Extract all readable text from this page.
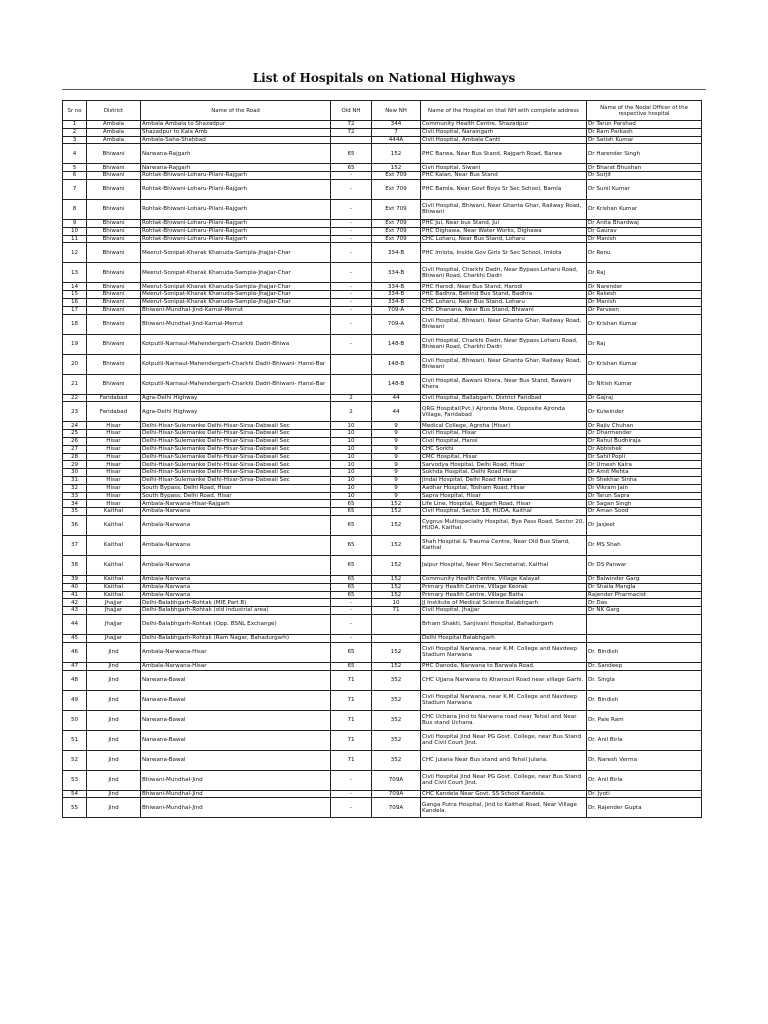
List of Hospitals on National Highways
Sr no	District	Name of the Road	Old NH	New NH	Name of the Hospital on that NH with complete address	Name of the Nodal Officer of the respective hospital
1	Ambala	Ambala Ambala to Shazadpur	72	344	Community Health Centre, Shazadpur	Dr Tarun Parshad
2	Ambala	Shazadpur to Kala Amb	72	7	Civil Hospital, Naraingarh	Dr Ram Parkash
3	Ambala	Ambala-Saha-Shahbad		444A	Civil Hospital, Ambala Cantt	Dr Satish Kumar
4	Bhiwani	Narwana-Rajgarh	65	152	PHC Barwa, Near Bus Stand, Rajgarh Road, Barwa	Dr Harender Singh
5	Bhiwani	Narwana-Rajgarh	65	152	Civil Hospital, Siwani	Dr Bharat Bhushan
6	Bhiwani	Rohtak-Bhiwani-Loharu-Pilani-Rajgarh	-	Ext 709	PHC Kalan, Near Bus Stand	Dr Surjit
7	Bhiwani	Rohtak-Bhiwani-Loharu-Pilani-Rajgarh	-	Ext 709	PHC Bamla, Near Govt Boys Sr Sec School, Bamla	Dr Sunil Kumar
8	Bhiwani	Rohtak-Bhiwani-Loharu-Pilani-Rajgarh	-	Ext 709	Civil Hospital, Bhiwani, Near Ghanta Ghar, Railway Road, Bhiwani	Dr Krishan Kumar
9	Bhiwani	Rohtak-Bhiwani-Loharu-Pilani-Rajgarh	-	Ext 709	PHC Jui, Near bus Stand, Jui	Dr Anita Bhardwaj
10	Bhiwani	Rohtak-Bhiwani-Loharu-Pilani-Rajgarh	-	Ext 709	PHC Dighawa, Near Water Works, Dighawa	Dr Gaurav
11	Bhiwani	Rohtak-Bhiwani-Loharu-Pilani-Rajgarh	-	Ext 709	CHC Loharu, Near Bus Stand, Loharu	Dr Manish
12	Bhiwani	Meerut-Sonipat-Kharak Khanuda-Sampla-Jhajjar-Char	-	334-B	PHC Imlota, Inside Gov Girls Sr Sec School, Imlota	Dr Renu
13	Bhiwani	Meerut-Sonipat-Kharak Khanuda-Sampla-Jhajjar-Char	-	334-B	Civil Hospital, Charkhi Dadri, Near Bypass Loharu Road, Bhiwani Road, Charkhi Dadri	Dr Raj
14	Bhiwani	Meerut-Sonipat-Kharak Khanuda-Sampla-Jhajjar-Char	-	334-B	PHC Harodi, Near Bus Stand, Harodi	Dr Narender
15	Bhiwani	Meerut-Sonipat-Kharak Khanuda-Sampla-Jhajjar-Char	-	334-B	PHC Badhra, Behind Bus Stand, Badhra	Dr Rakesh
16	Bhiwani	Meerut-Sonipat-Kharak Khanuda-Sampla-Jhajjar-Char	-	334-B	CHC Loharu, Near Bus Stand, Loharu	Dr Manish
17	Bhiwani	Bhiwani-Mundhal-Jind-Karnal-Merrut	-	709-A	CHC Dhanana, Near Bus Stand, Bhiwani	Dr Parveen
18	Bhiwani	Bhiwani-Mundhal-Jind-Karnal-Merrut	-	709-A	Civil Hospital, Bhiwani, Near Ghanta Ghar, Railway Road, Bhiwani	Dr Krishan Kumar
19	Bhiwani	Kotputli-Narnaul-Mahendergarh-Charkhi Dadri-Bhiwa	-	148-B	Civil Hospital, Charkhi Dadri, Near Bypass Loharu Road, Bhiwani Road, Charkhi Dadri	Dr Raj
20	Bhiwani	Kotputli-Narnaul-Mahendergarh-Charkhi Dadri-Bhiwani- Hansi-Bar		148-B	Civil Hospital, Bhiwani, Near Ghanta Ghar, Railway Road, Bhiwani	Dr Krishan Kumar
21	Bhiwani	Kotputli-Narnaul-Mahendergarh-Charkhi Dadri-Bhiwani- Hansi-Bar		148-B	Civil Hospital, Bawani Khera, Near Bus Stand, Bawani Khera	Dr Nitish Kumar
22	Faridabad	Agra-Delhi Highway	2	44	Civil Hospital, Ballabgarh, District Faridbad	Dr Gajraj
23	Faridabad	Agra-Delhi Highway	2	44	QRG Hospital(Pvt.) Ajronda More, Opposite Ajronda Village, Faridabad	Dr Kulwinder
24	Hisar	Delhi-Hisar-Sulemanke Delhi-Hisar-Sirsa-Dabwali Sec	10	9	Medical College, Agroha (Hisar)	Dr Rajiv Chuhan
25	Hisar	Delhi-Hisar-Sulemanke Delhi-Hisar-Sirsa-Dabwali Sec	10	9	Civil Hospital, Hisar	Dr Dharmender
26	Hisar	Delhi-Hisar-Sulemanke Delhi-Hisar-Sirsa-Dabwali Sec	10	9	Civil Hospital, Hansi	Dr Rahul Budhiraja
27	Hisar	Delhi-Hisar-Sulemanke Delhi-Hisar-Sirsa-Dabwali Sec	10	9	CHC Sorkhi	Dr Abhishek
28	Hisar	Delhi-Hisar-Sulemanke Delhi-Hisar-Sirsa-Dabwali Sec	10	9	CMC Hospital, Hisar	Dr Sahil Popli
29	Hisar	Delhi-Hisar-Sulemanke Delhi-Hisar-Sirsa-Dabwali Sec	10	9	Sarvodya Hospital, Delhi Road, Hisar	Dr Umesh Kalra
30	Hisar	Delhi-Hisar-Sulemanke Delhi-Hisar-Sirsa-Dabwali Sec	10	9	Sukhda Hospital, Delhi Road Hisar	Dr Amit Mehta
31	Hisar	Delhi-Hisar-Sulemanke Delhi-Hisar-Sirsa-Dabwali Sec	10	9	Jindal Hospital, Delhi Road Hisar	Dr Shekhar Sinha
32	Hisar	South Bypass, Delhi Road, Hisar	10	9	Aadhar Hospital, Tosham Road, Hisar	Dr Vikram Jain
33	Hisar	South Bypass, Delhi Road, Hisar	10	9	Sapra Hospital, Hisar	Dr Tarun Sapra
34	Hisar	Ambala-Narwana-Hisar-Rajgarh	65	152	Life Line, Hospital, Rajgarh Road, Hisar	Dr Sagan Singh
35	Kaithal	Ambala-Narwana	65	152	Civil Hospital, Sector 18, HUDA, Kaithal	Dr Aman Sood
36	Kaithal	Ambala-Narwana	65	152	Cygnus Multispecialty Hospital, Bye Pass Road, Sector 20, HUDA, Kaithal	Dr Jasjeet
37	Kaithal	Ambala-Narwana	65	152	Shah Hospital & Trauma Centre, Near Old Bus Stand, Kaithal	Dr MS Shah
38	Kaithal	Ambala-Narwana	65	152	Jaipur Hospital, Near Mini Secretariat, Kaithal	Dr DS Panwar
39	Kaithal	Ambala-Narwana	65	152	Community Health Centre, Village Kalayat	Dr Balwinder Garg
40	Kaithal	Ambala-Narwana	65	152	Primary Health Centre, Village Keorak	Dr Shaila Mangla
41	Kaithal	Ambala-Narwana	65	152	Primary Health Centre, Village Batta	Rajender Pharmacist
42	Jhajjar	Delhi-Balabhgarh-Rohtak (MIE Part B)	-	10	JJ Institute of Medical Science Balabhgarh	Dr Das
43	Jhajjar	Delhi-Balabhgarh-Rohtak (old industrial area)	-	71	Civil Hospital, Jhajjar	Dr NK Garg
44	Jhajjar	Delhi-Balabhgarh-Rohtak (Opp. BSNL Exchange)	-		Brham Shakti, Sanjivani Hospital, Bahadurgarh	
45	Jhajjar	Delhi-Balabhgarh-Rohtak (Ram Nagar, Bahadurgarh)	-		Delhi Hospital Balabhgarh	
46	Jind	Ambala-Narwana-Hisar	65	152	Civil Hospital Narwana, near K.M. College and Navdeep Stadium Narwana	Dr. Bindish
47	Jind	Ambala-Narwana-Hisar	65	152	PHC Danoda, Narwana to Barwala Road.	Dr. Sandeep
48	Jind	Narwana-Bawal	71	352	CHC Ujjana Narwana to Khanouri Road near village Garhi.	Dr. Singla
49	Jind	Narwana-Bawal	71	352	Civil Hospital Narwana, near K.M. College and Navdeep Stadium Narwana	Dr. Bindish
50	Jind	Narwana-Bawal	71	352	CHC Uchana Jind to Narwana road near Tehsil and Near Bus stand Uchana.	Dr. Pale Ram
51	Jind	Narwana-Bawal	71	352	Civil Hospital Jind Near PG Govt. College, near Bus Stand and Civil Court Jind.	Dr. Anil Birla
52	Jind	Narwana-Bawal	71	352	CHC Julana Near Bus stand and Tehsil Julana.	Dr. Naresh Verma
53	Jind	Bhiwani-Mundhal-Jind	-	709A	Civil Hospital Jind Near PG Govt. College, near Bus Stand and Civil Court Jind.	Dr. Anil Birla
54	Jind	Bhiwani-Mundhal-Jind	-	709A	CHC Kandela Near Govt. SS School Kandela.	Dr. Jyoti
55	Jind	Bhiwani-Mundhal-Jind	-	709A	Ganga Putra Hospital, Jind to Kaithal Road, Near Village Kandela.	Dr. Rajender Gupta
